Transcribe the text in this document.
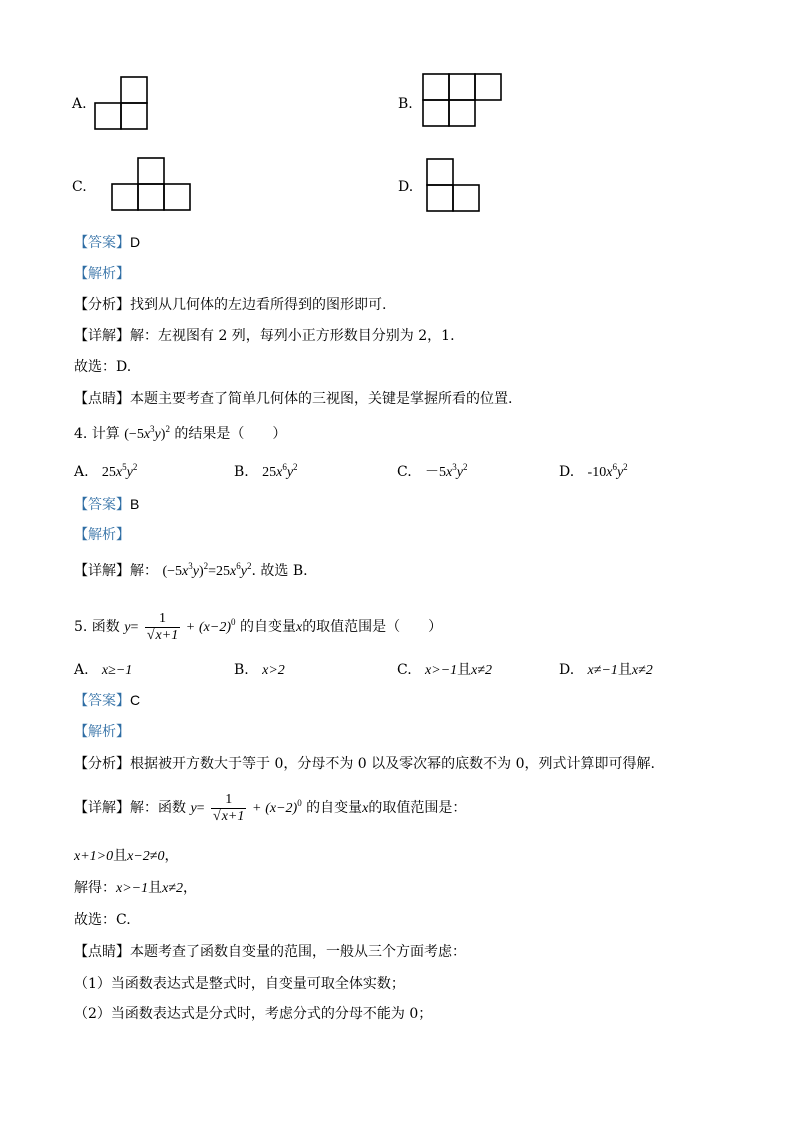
A.	B.
C.	D.
【答案】D
【解析】
【分析】找到从几何体的左边看所得到的图形即可.
【详解】解：左视图有 2 列，每列小正方形数目分别为 2，1.
故选：D.
【点睛】本题主要考查了简单几何体的三视图，关键是掌握所看的位置.
4. 计算 $(-5x^3y)^2$ 的结果是（　　）
A. $25x^5y^2$	B. $25x^6y^2$	C. $-5x^3y^2$	D. $-10x^6y^2$
【答案】B
【解析】
【详解】解： $(-5x^3y)^2=25x^6y^2$. 故选 B.
5. 函数 $y= \frac{1}{√x+1} + (x-2)^0$ 的自变量x的取值范围是（　　）
A. x≥−1	B. x>2	C. x>−1且x≠2	D. x≠−1且x≠2
【答案】C
【解析】
【分析】根据被开方数大于等于 0，分母不为 0 以及零次幂的底数不为 0，列式计算即可得解.
【详解】解：函数 $y= \frac{1}{√x+1} + (x-2)^0$ 的自变量x的取值范围是：
x+1>0且x−2≠0，
解得：x>−1且x≠2，
故选：C.
【点睛】本题考查了函数自变量的范围，一般从三个方面考虑：
（1）当函数表达式是整式时，自变量可取全体实数；
（2）当函数表达式是分式时，考虑分式的分母不能为 0；
